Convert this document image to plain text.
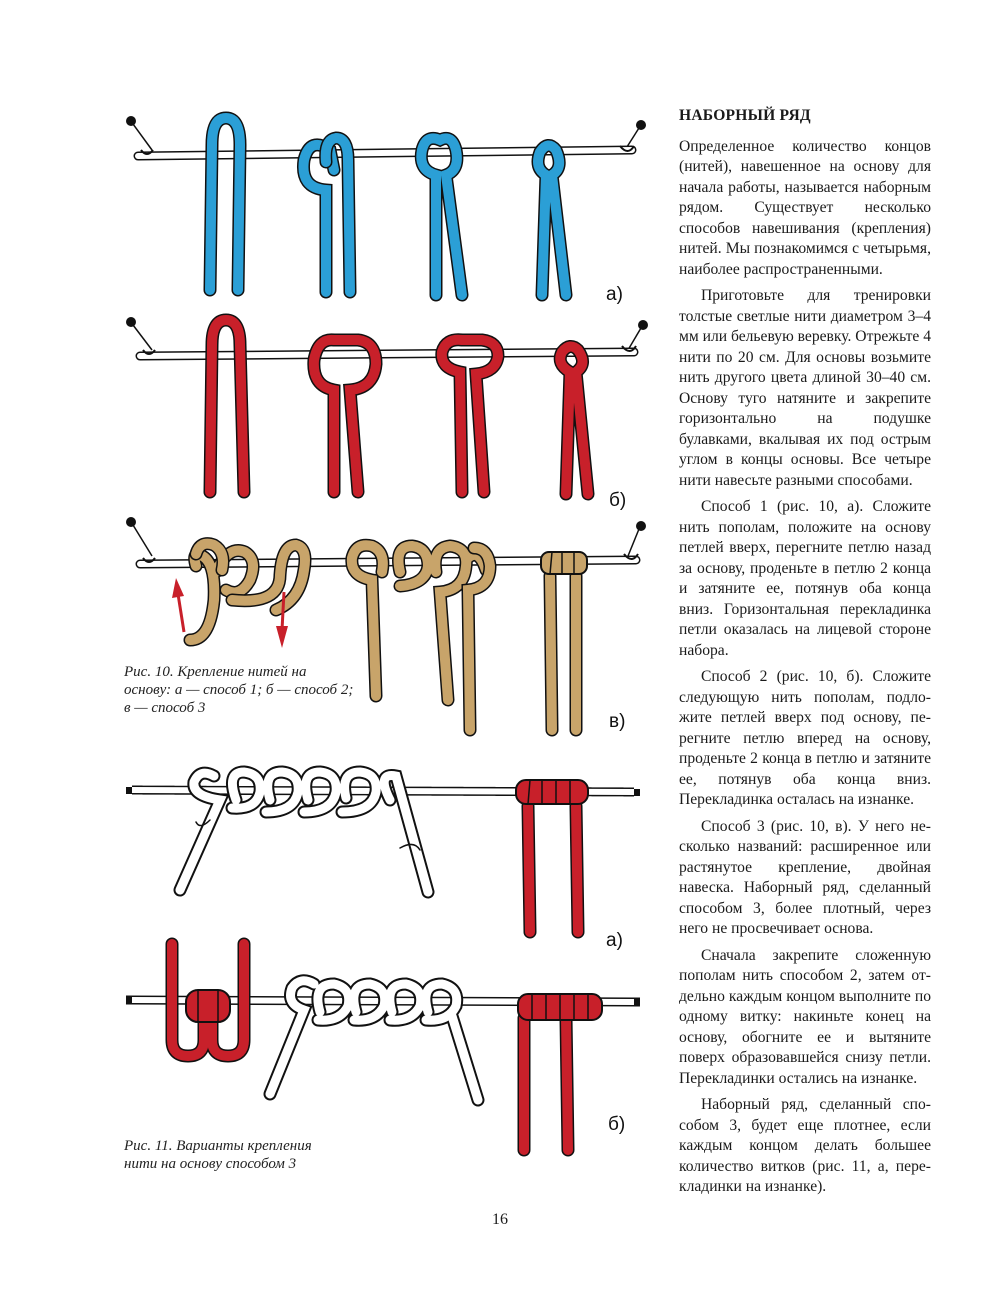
а)
б)
в)
а)
б)
Рис. 10. Крепление нитей на
основу: а — способ 1; б — способ 2;
в — способ 3
Рис. 11. Варианты крепления
нити на основу способом 3
НАБОРНЫЙ РЯД

Определенное количество концов (нитей), навешенное на основу для начала работы, называется наборным рядом. Существует несколько способов навешивания (крепления) нитей. Мы познакомимся с четырьмя, наиболее распространенными.

Приготовьте для тренировки толстые светлые нити диаметром 3–4 мм или бельевую веревку. Отрежьте 4 нити по 20 см. Для основы возьмите нить другого цвета длиной 30–40 см. Основу туго натяните и закрепите горизонтально на подушке булавками, вкалывая их под острым углом в концы основы. Все четыре нити навесьте разными способами.

Способ 1 (рис. 10, а). Сложите нить пополам, положите на основу петлей вверх, перегните петлю назад за основу, проденьте в петлю 2 конца и затяните ее, потянув оба конца вниз. Горизонтальная перекладинка петли оказалась на лицевой стороне набора.

Способ 2 (рис. 10, б). Сложите следующую нить пополам, подложите петлей вверх под основу, перегните петлю вперед на основу, проденьте 2 конца в петлю и затяните ее, потянув оба конца вниз. Перекладинка осталась на изнанке.

Способ 3 (рис. 10, в). У него несколько названий: расширенное или растянутое крепление, двойная навеска. Наборный ряд, сделанный способом 3, более плотный, через него не просвечивает основа.

Сначала закрепите сложенную пополам нить способом 2, затем отдельно каждым концом выполните по одному витку: накиньте конец на основу, обогните ее и вытяните поверх образовавшейся снизу петли. Перекладинки остались на изнанке.

Наборный ряд, сделанный способом 3, будет еще плотнее, если каждым концом делать большее количество витков (рис. 11, а, перекладинки на изнанке).

16
